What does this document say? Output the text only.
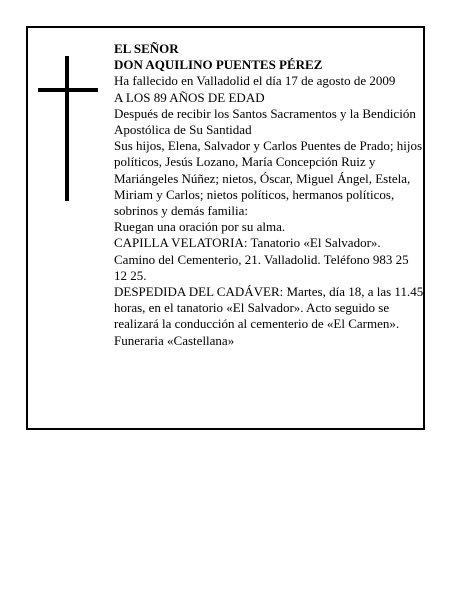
EL SEÑOR

DON AQUILINO PUENTES PÉREZ

Ha fallecido en Valladolid el día 17 de agosto de 2009

A LOS 89 AÑOS DE EDAD

Después de recibir los Santos Sacramentos y la Bendición Apostólica de Su Santidad

Sus hijos, Elena, Salvador y Carlos Puentes de Prado; hijos políticos, Jesús Lozano, María Concepción Ruiz y Mariángeles Núñez; nietos, Óscar, Miguel Ángel, Estela, Miriam y Carlos; nietos políticos, hermanos políticos, sobrinos y demás familia:

Ruegan una oración por su alma.

CAPILLA VELATORIA: Tanatorio «El Salvador». Camino del Cementerio, 21. Valladolid. Teléfono 983 25 12 25.

DESPEDIDA DEL CADÁVER: Martes, día 18, a las 11.45 horas, en el tanatorio «El Salvador». Acto seguido se realizará la conducción al cementerio de «El Carmen».

Funeraria «Castellana»
